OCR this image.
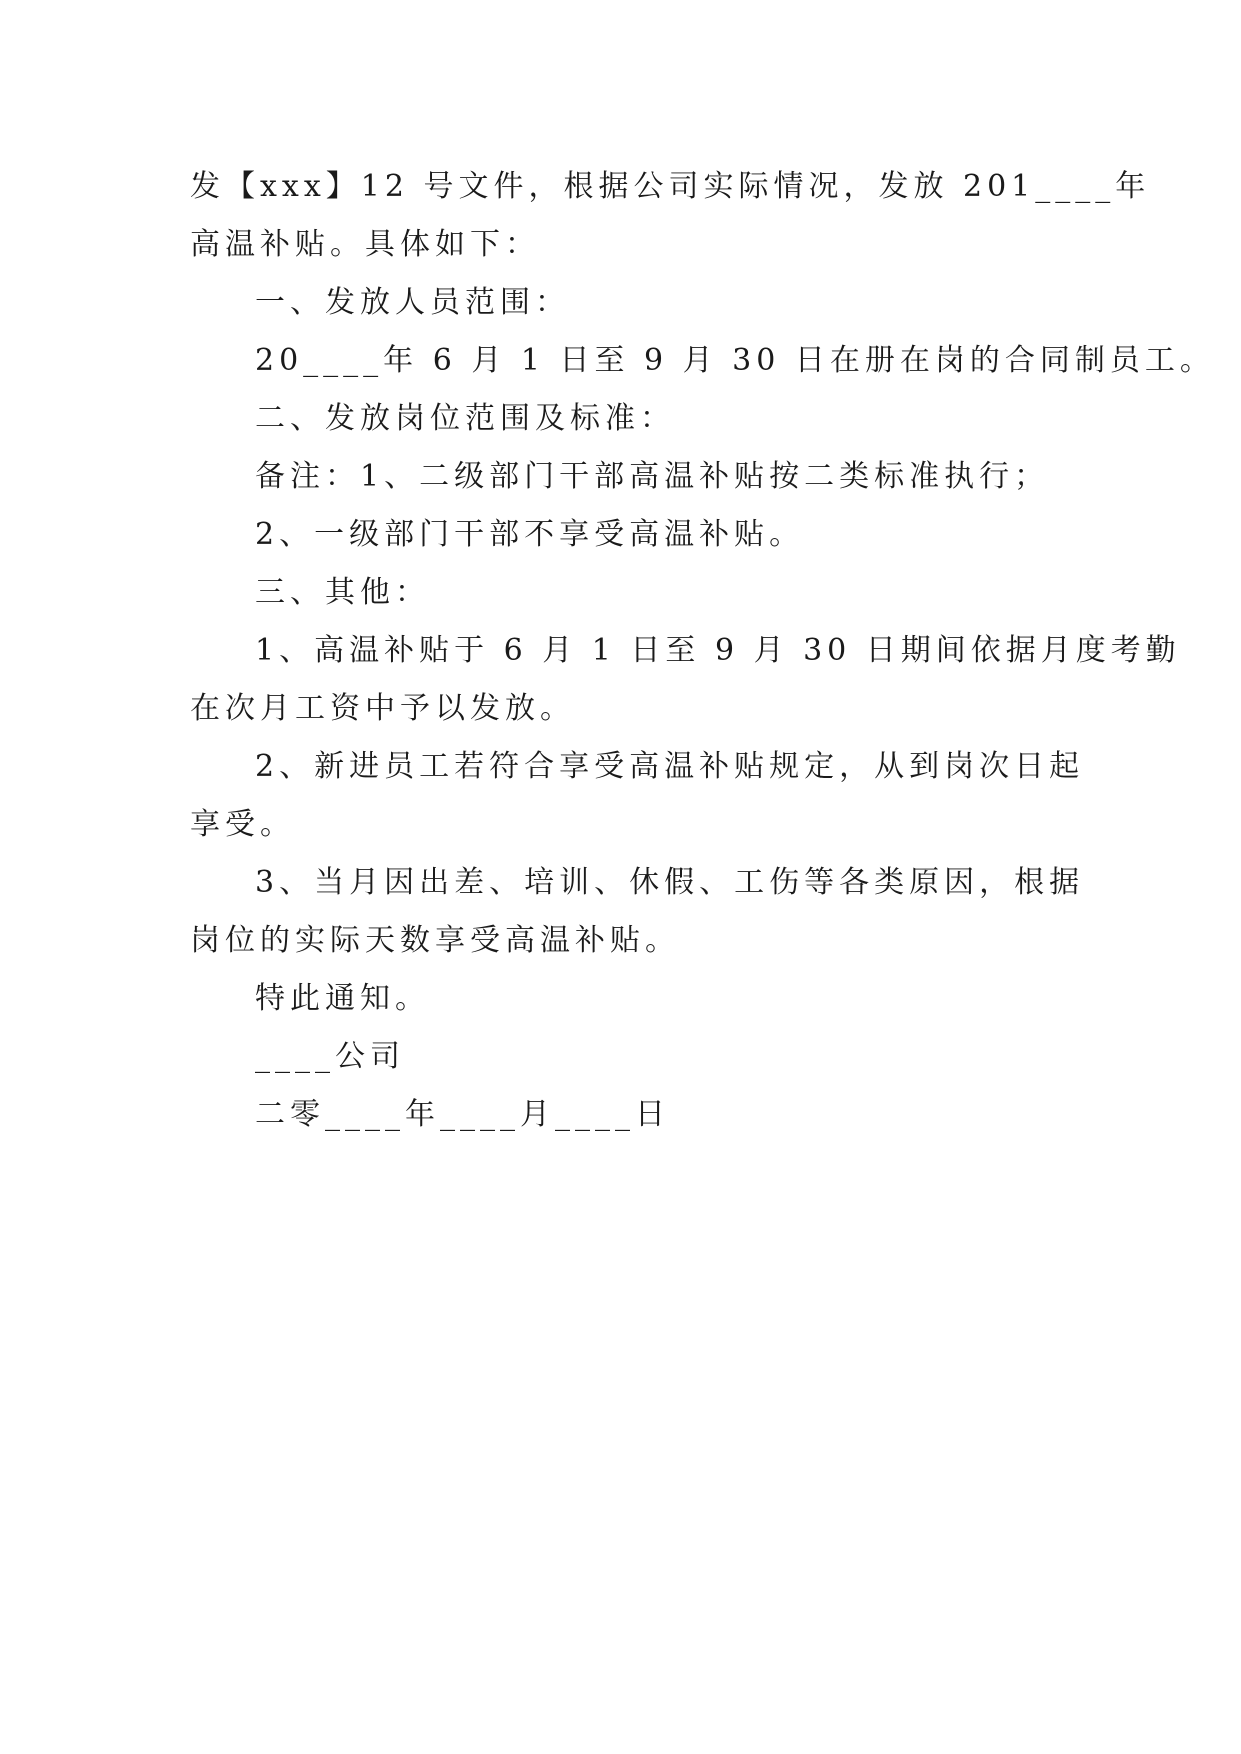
发【xxx】12 号文件，根据公司实际情况，发放 201____年
高温补贴。具体如下：
一、发放人员范围：
20____年 6 月 1 日至 9 月 30 日在册在岗的合同制员工。
二、发放岗位范围及标准：
备注：1、二级部门干部高温补贴按二类标准执行；
2、一级部门干部不享受高温补贴。
三、其他：
1、高温补贴于 6 月 1 日至 9 月 30 日期间依据月度考勤
在次月工资中予以发放。
2、新进员工若符合享受高温补贴规定，从到岗次日起
享受。
3、当月因出差、培训、休假、工伤等各类原因，根据
岗位的实际天数享受高温补贴。
特此通知。
____公司
二零____年____月____日
